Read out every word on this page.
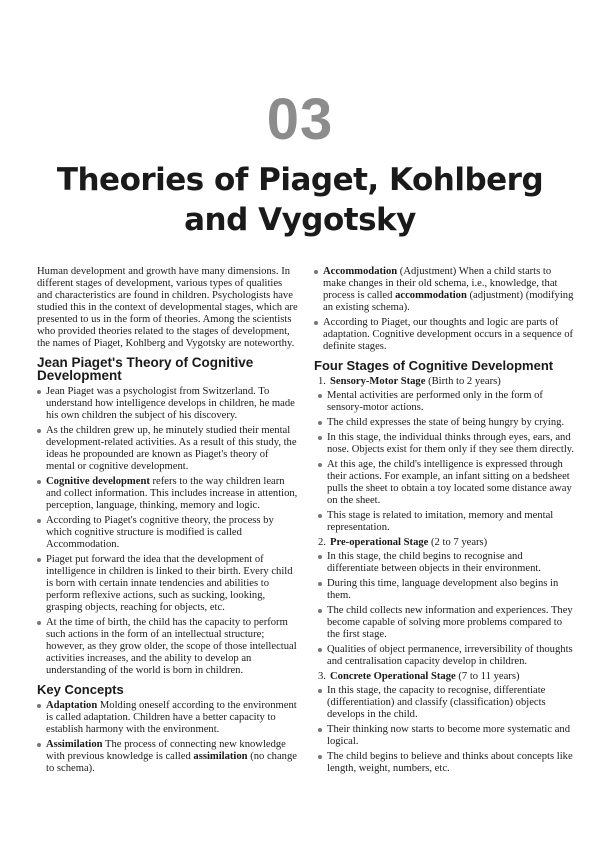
03
Theories of Piaget, Kohlberg
and Vygotsky

Human development and growth have many dimensions. In different stages of development, various types of qualities and characteristics are found in children. Psychologists have studied this in the context of developmental stages, which are presented to us in the form of theories. Among the scientists who provided theories related to the stages of development, the names of Piaget, Kohlberg and Vygotsky are noteworthy.

Jean Piaget's Theory of Cognitive
Development
Jean Piaget was a psychologist from Switzerland. To understand how intelligence develops in children, he made his own children the subject of his discovery.
As the children grew up, he minutely studied their mental development-related activities. As a result of this study, the ideas he propounded are known as Piaget's theory of mental or cognitive development.
Cognitive development refers to the way children learn and collect information. This includes increase in attention, perception, language, thinking, memory and logic.
According to Piaget's cognitive theory, the process by which cognitive structure is modified is called Accommodation.
Piaget put forward the idea that the development of intelligence in children is linked to their birth. Every child is born with certain innate tendencies and abilities to perform reflexive actions, such as sucking, looking, grasping objects, reaching for objects, etc.
At the time of birth, the child has the capacity to perform such actions in the form of an intellectual structure; however, as they grow older, the scope of those intellectual activities increases, and the ability to develop an understanding of the world is born in children.
Key Concepts
Adaptation Molding oneself according to the environment is called adaptation. Children have a better capacity to establish harmony with the environment.
Assimilation The process of connecting new knowledge with previous knowledge is called assimilation (no change to schema).
Accommodation (Adjustment) When a child starts to make changes in their old schema, i.e., knowledge, that process is called accommodation (adjustment) (modifying an existing schema).
According to Piaget, our thoughts and logic are parts of adaptation. Cognitive development occurs in a sequence of definite stages.
Four Stages of Cognitive Development
1. Sensory-Motor Stage (Birth to 2 years)
Mental activities are performed only in the form of sensory-motor actions.
The child expresses the state of being hungry by crying.
In this stage, the individual thinks through eyes, ears, and nose. Objects exist for them only if they see them directly.
At this age, the child's intelligence is expressed through their actions. For example, an infant sitting on a bedsheet pulls the sheet to obtain a toy located some distance away on the sheet.
This stage is related to imitation, memory and mental representation.
2. Pre-operational Stage (2 to 7 years)
In this stage, the child begins to recognise and differentiate between objects in their environment.
During this time, language development also begins in them.
The child collects new information and experiences. They become capable of solving more problems compared to the first stage.
Qualities of object permanence, irreversibility of thoughts and centralisation capacity develop in children.
3. Concrete Operational Stage (7 to 11 years)
In this stage, the capacity to recognise, differentiate (differentiation) and classify (classification) objects develops in the child.
Their thinking now starts to become more systematic and logical.
The child begins to believe and thinks about concepts like length, weight, numbers, etc.
